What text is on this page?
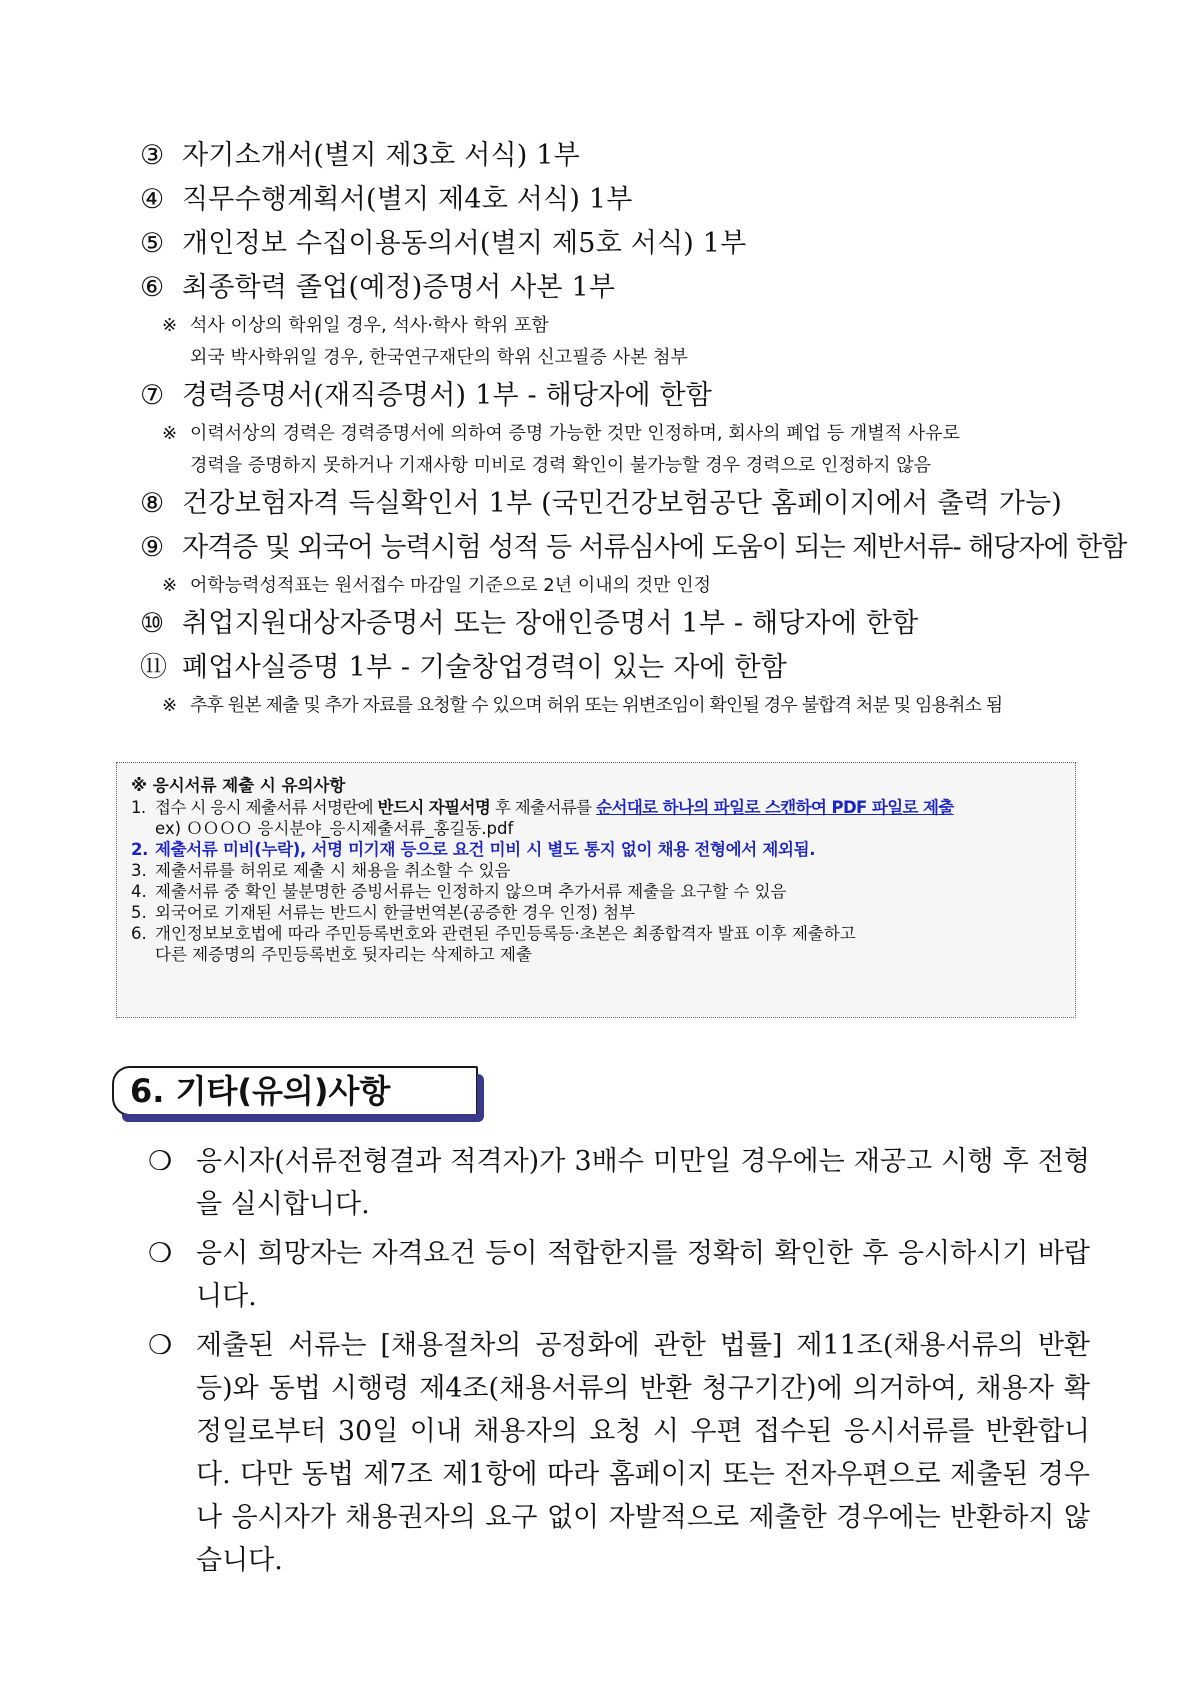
③ 자기소개서(별지 제3호 서식) 1부
④ 직무수행계획서(별지 제4호 서식) 1부
⑤ 개인정보 수집이용동의서(별지 제5호 서식) 1부
⑥ 최종학력 졸업(예정)증명서 사본 1부
※ 석사 이상의 학위일 경우, 석사·학사 학위 포함
외국 박사학위일 경우, 한국연구재단의 학위 신고필증 사본 첨부
⑦ 경력증명서(재직증명서) 1부 - 해당자에 한함
※ 이력서상의 경력은 경력증명서에 의하여 증명 가능한 것만 인정하며, 회사의 폐업 등 개별적 사유로
경력을 증명하지 못하거나 기재사항 미비로 경력 확인이 불가능할 경우 경력으로 인정하지 않음
⑧ 건강보험자격 득실확인서 1부 (국민건강보험공단 홈페이지에서 출력 가능)
⑨ 자격증 및 외국어 능력시험 성적 등 서류심사에 도움이 되는 제반서류- 해당자에 한함
※ 어학능력성적표는 원서접수 마감일 기준으로 2년 이내의 것만 인정
⑩ 취업지원대상자증명서 또는 장애인증명서 1부 - 해당자에 한함
⑪ 폐업사실증명 1부 - 기술창업경력이 있는 자에 한함
※ 추후 원본 제출 및 추가 자료를 요청할 수 있으며 허위 또는 위변조임이 확인될 경우 불합격 처분 및 임용취소 됨
※ 응시서류 제출 시 유의사항
1. 접수 시 응시 제출서류 서명란에 반드시 자필서명 후 제출서류를 순서대로 하나의 파일로 스캔하여 PDF 파일로 제출
ex) ＯＯＯＯ 응시분야_응시제출서류_홍길동.pdf
2. 제출서류 미비(누락), 서명 미기재 등으로 요건 미비 시 별도 통지 없이 채용 전형에서 제외됨.
3. 제출서류를 허위로 제출 시 채용을 취소할 수 있음
4. 제출서류 중 확인 불분명한 증빙서류는 인정하지 않으며 추가서류 제출을 요구할 수 있음
5. 외국어로 기재된 서류는 반드시 한글번역본(공증한 경우 인정) 첨부
6. 개인정보보호법에 따라 주민등록번호와 관련된 주민등록등·초본은 최종합격자 발표 이후 제출하고
다른 제증명의 주민등록번호 뒷자리는 삭제하고 제출
6. 기타(유의)사항
❍ 응시자(서류전형결과 적격자)가 3배수 미만일 경우에는 재공고 시행 후 전형을 실시합니다.
❍ 응시 희망자는 자격요건 등이 적합한지를 정확히 확인한 후 응시하시기 바랍니다.
❍ 제출된 서류는 [채용절차의 공정화에 관한 법률] 제11조(채용서류의 반환 등)와 동법 시행령 제4조(채용서류의 반환 청구기간)에 의거하여, 채용자 확정일로부터 30일 이내 채용자의 요청 시 우편 접수된 응시서류를 반환합니다. 다만 동법 제7조 제1항에 따라 홈페이지 또는 전자우편으로 제출된 경우나 응시자가 채용권자의 요구 없이 자발적으로 제출한 경우에는 반환하지 않습니다.
